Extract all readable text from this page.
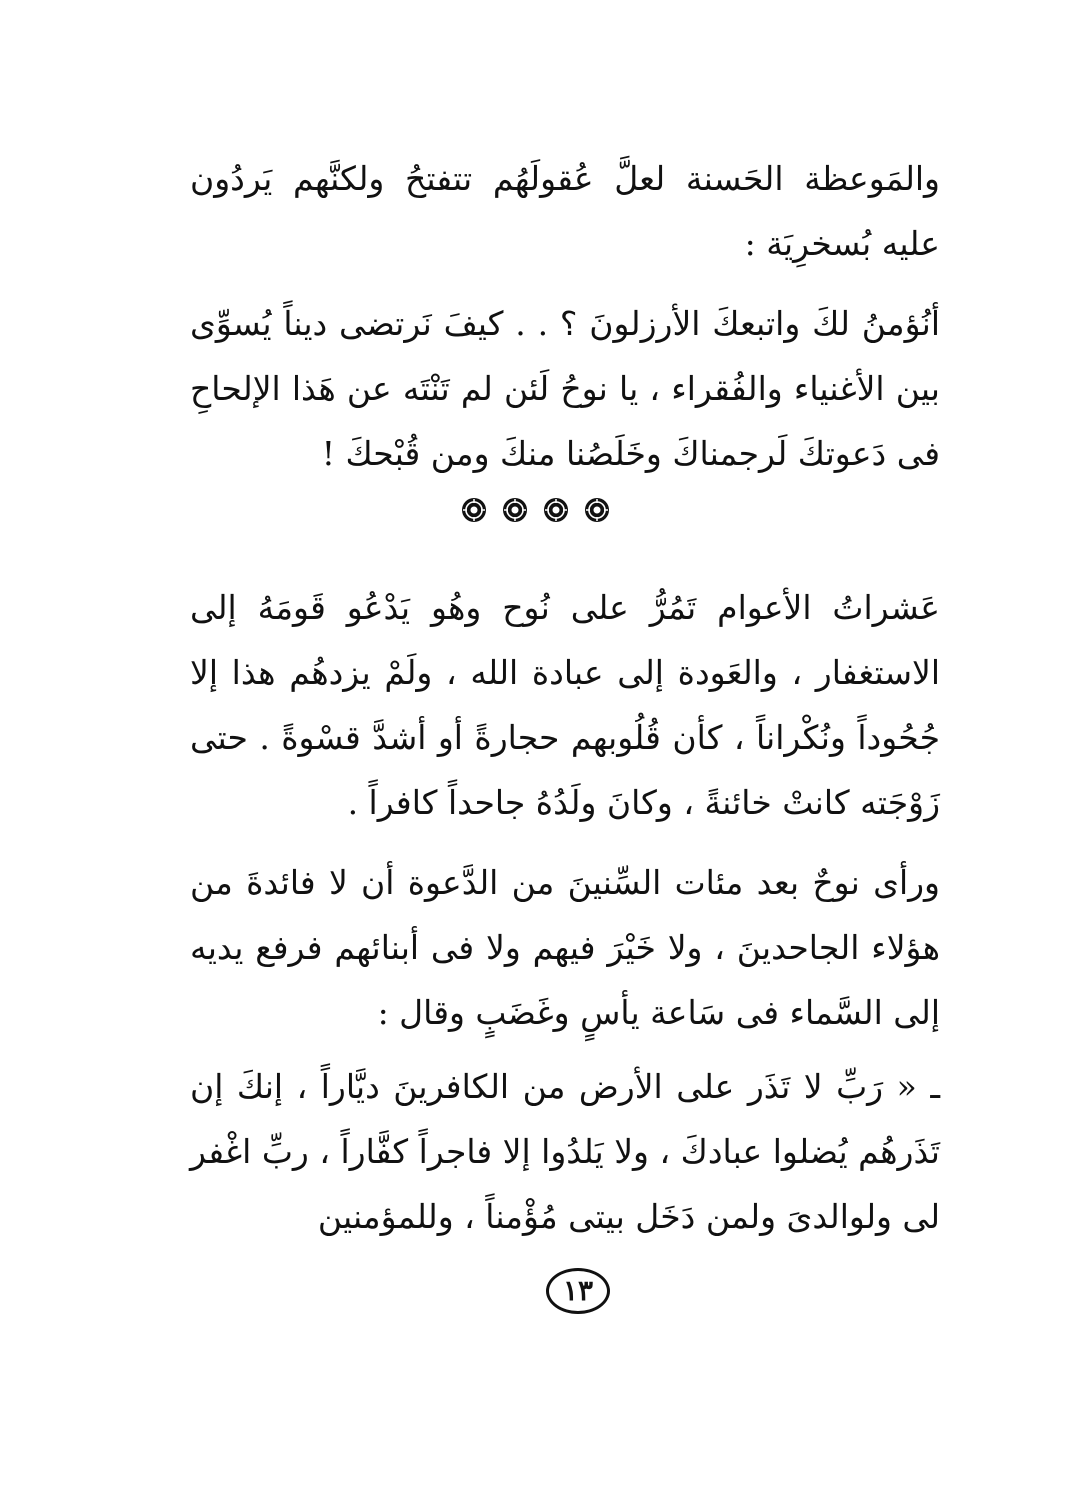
والمَوعظة الحَسنة لعلَّ عُقولَهُم تتفتحُ ولكنَّهم يَردُون عليه بُسخرِيَة :

أنُؤمنُ لكَ واتبعكَ الأرزلونَ ؟ . . كيفَ نَرتضى ديناً يُسوِّى بين الأغنياء والفُقراء ، يا نوحُ لَئن لم تَنْتَه عن هَذا الإلحاحِ فى دَعوتكَ لَرجمناكَ وخَلَصُنا منكَ ومن قُبْحكَ !

عَشراتُ الأعوام تَمُرُّ على نُوح وهُو يَدْعُو قَومَهُ إلى الاستغفار ، والعَودة إلى عبادة الله ، ولَمْ يزدهُم هذا إلا جُحُوداً ونُكْراناً ، كأن قُلُوبهم حجارةً أو أشدَّ قسْوةً . حتى زَوْجَته كانتْ خائنةً ، وكانَ ولَدُهُ جاحداً كافراً .

ورأى نوحٌ بعد مئات السِّنينَ من الدَّعوة أن لا فائدةَ من هؤلاء الجاحدينَ ، ولا خَيْرَ فيهم ولا فى أبنائهم فرفع يديه إلى السَّماء فى سَاعة يأسٍ وغَضَبٍ وقال :

ـ « رَبِّ لا تَذَر على الأرض من الكافرينَ ديَّاراً ، إنكَ إن تَذَرهُم يُضلوا عبادكَ ، ولا يَلدُوا إلا فاجراً كفَّاراً ، ربِّ اغْفر لى ولوالدىَ ولمن دَخَل بيتى مُؤْمناً ، وللمؤمنين

١٣
